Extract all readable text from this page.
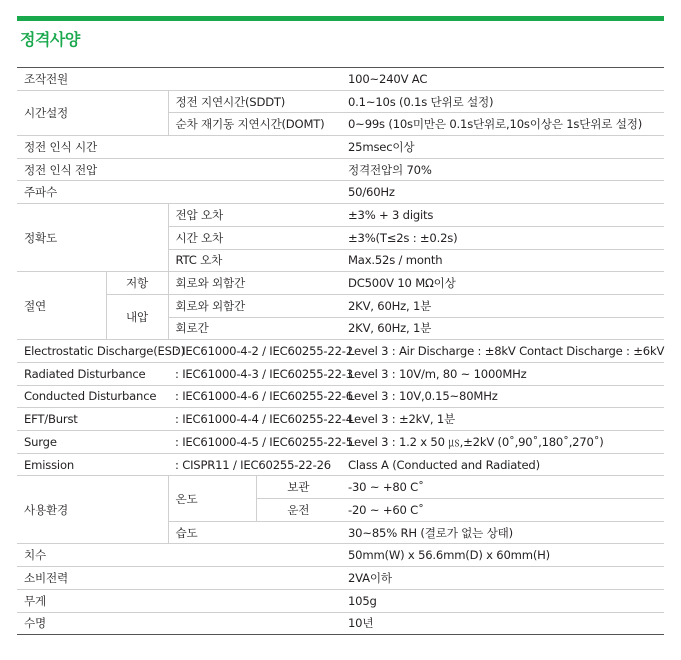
정격사양
조작전원				100~240V AC
시간설정		정전 지연시간(SDDT)		0.1~10s (0.1s 단위로 설정)
		순차 재기동 지연시간(DOMT)		0~99s (10s미만은 0.1s단위로,10s이상은 1s단위로 설정)
정전 인식 시간				25msec이상
정전 인식 전압				정격전압의 70%
주파수				50/60Hz
정확도		전압 오차		±3% + 3 digits
		시간 오차		±3%(T≤2s : ±0.2s)
		RTC 오차		Max.52s / month
절연	저항	회로와 외함간		DC500V 10 MΩ이상
	내압	회로와 외함간		2KV, 60Hz, 1분
		회로간		2KV, 60Hz, 1분
Electrostatic Discharge(ESD)		: IEC61000-4-2 / IEC60255-22-2		Level 3 : Air Discharge : ±8kV Contact Discharge : ±6kV
Radiated Disturbance		: IEC61000-4-3 / IEC60255-22-3		Level 3 : 10V/m, 80 ~ 1000MHz
Conducted Disturbance		: IEC61000-4-6 / IEC60255-22-6		Level 3 : 10V,0.15~80MHz
EFT/Burst		: IEC61000-4-4 / IEC60255-22-4		Level 3 : ±2kV, 1분
Surge		: IEC61000-4-5 / IEC60255-22-5		Level 3 : 1.2 x 50 ㎲,±2kV (0˚,90˚,180˚,270˚)
Emission		: CISPR11 / IEC60255-22-26		Class A (Conducted and Radiated)
사용환경		온도	보관	-30 ~ +80 C˚
			운전	-20 ~ +60 C˚
		습도		30~85% RH (결로가 없는 상태)
치수				50mm(W) x 56.6mm(D) x 60mm(H)
소비전력				2VA이하
무게				105g
수명				10년
